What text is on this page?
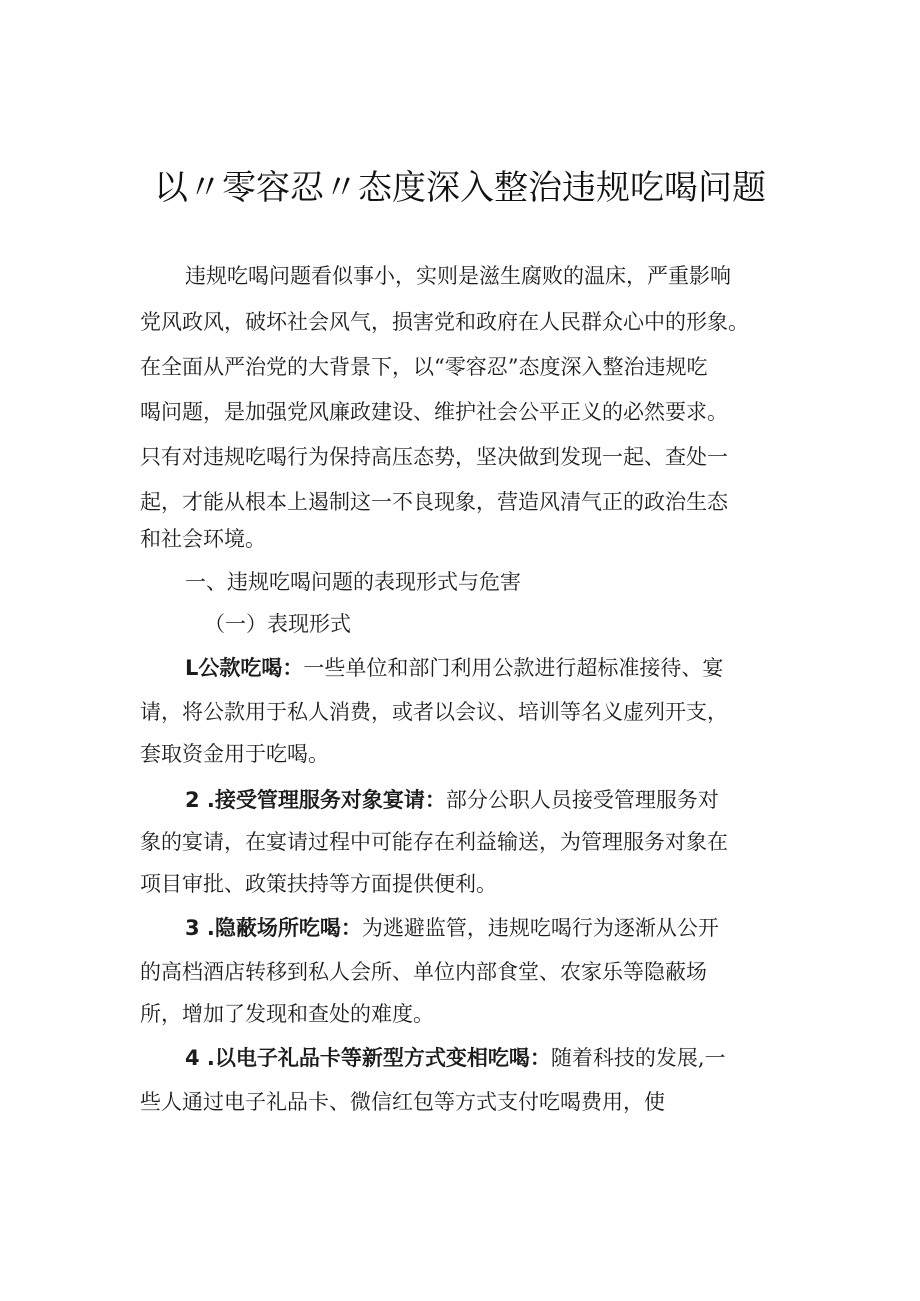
以〃零容忍〃态度深入整治违规吃喝问题
违规吃喝问题看似事小，实则是滋生腐败的温床，严重影响
党风政风，破坏社会风气，损害党和政府在人民群众心中的形象。
在全面从严治党的大背景下，以“零容忍”态度深入整治违规吃
喝问题，是加强党风廉政建设、维护社会公平正义的必然要求。
只有对违规吃喝行为保持高压态势，坚决做到发现一起、查处一
起，才能从根本上遏制这一不良现象，营造风清气正的政治生态
和社会环境。
一、违规吃喝问题的表现形式与危害
（一）表现形式
L公款吃喝：一些单位和部门利用公款进行超标准接待、宴
请，将公款用于私人消费，或者以会议、培训等名义虚列开支，
套取资金用于吃喝。
2 .接受管理服务对象宴请：部分公职人员接受管理服务对
象的宴请，在宴请过程中可能存在利益输送，为管理服务对象在
项目审批、政策扶持等方面提供便利。
3 .隐蔽场所吃喝：为逃避监管，违规吃喝行为逐渐从公开
的高档酒店转移到私人会所、单位内部食堂、农家乐等隐蔽场
所，增加了发现和查处的难度。
4 .以电子礼品卡等新型方式变相吃喝：随着科技的发展,一
些人通过电子礼品卡、微信红包等方式支付吃喝费用，使
